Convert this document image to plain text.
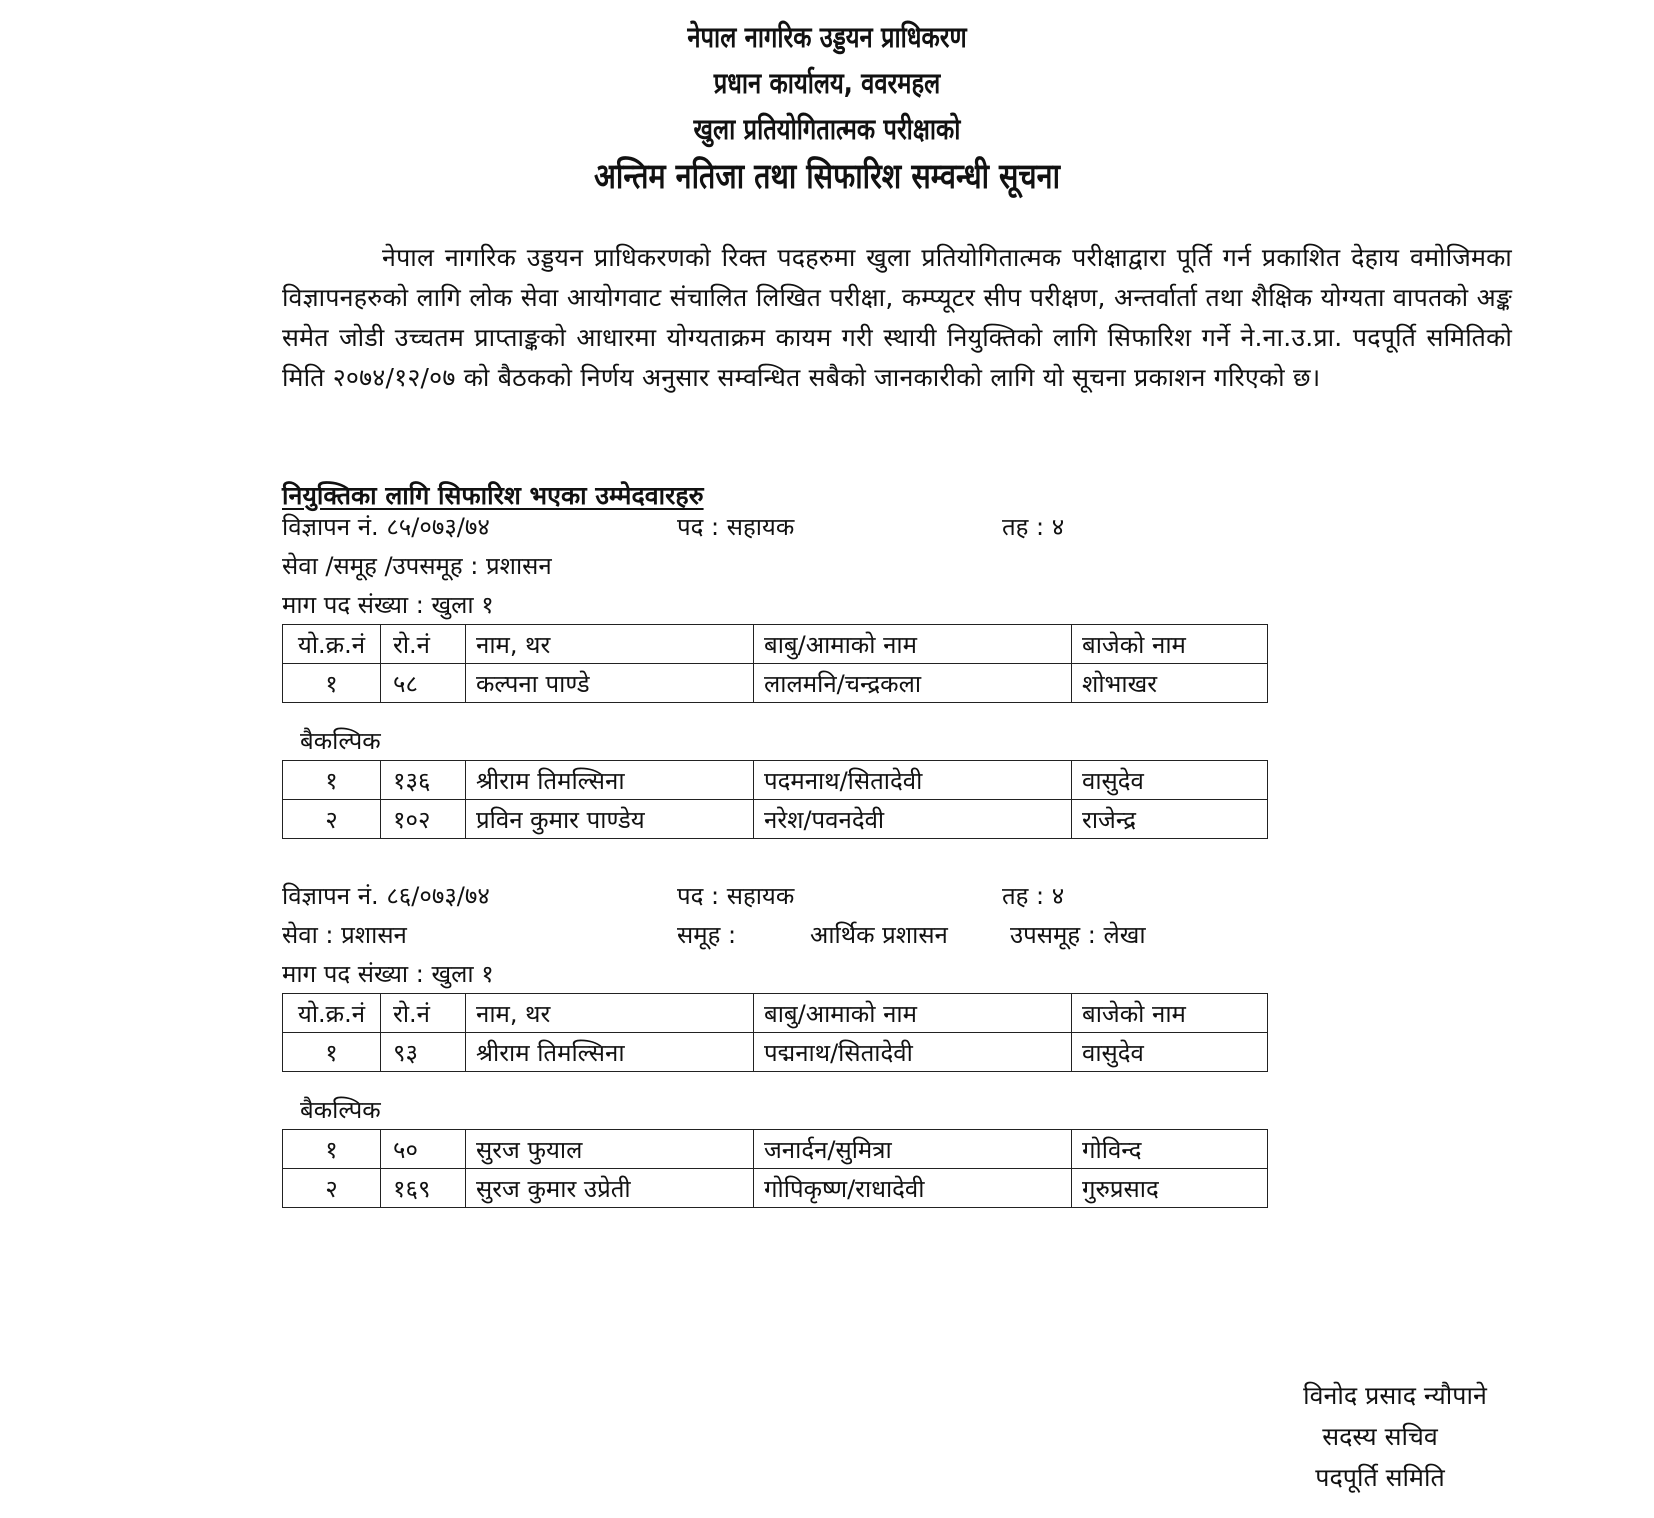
नेपाल नागरिक उड्डयन प्राधिकरण
प्रधान कार्यालय, ववरमहल
खुला प्रतियोगितात्मक परीक्षाको
अन्तिम नतिजा तथा सिफारिश सम्वन्धी सूचना
नेपाल नागरिक उड्डयन प्राधिकरणको रिक्त पदहरुमा खुला प्रतियोगितात्मक परीक्षाद्वारा पूर्ति गर्न प्रकाशित देहाय वमोजिमका विज्ञापनहरुको लागि लोक सेवा आयोगवाट संचालित लिखित परीक्षा, कम्प्यूटर सीप परीक्षण, अन्तर्वार्ता तथा शैक्षिक योग्यता वापतको अङ्क समेत जोडी उच्चतम प्राप्ताङ्कको आधारमा योग्यताक्रम कायम गरी स्थायी नियुक्तिको लागि सिफारिश गर्ने ने.ना.उ.प्रा. पदपूर्ति समितिको मिति २०७४/१२/०७ को बैठकको निर्णय अनुसार सम्वन्धित सबैको जानकारीको लागि यो सूचना प्रकाशन गरिएको छ।
नियुक्तिका लागि सिफारिश भएका उम्मेदवारहरु
विज्ञापन नं. ८५/०७३/७४	पद : सहायक	तह : ४
सेवा /समूह /उपसमूह : प्रशासन
माग पद संख्या : खुला १
यो.क्र.नं	रो.नं	नाम, थर	बाबु/आमाको नाम	बाजेको नाम
१	५८	कल्पना पाण्डे	लालमनि/चन्द्रकला	शोभाखर
बैकल्पिक
१	१३६	श्रीराम तिमल्सिना	पदमनाथ/सितादेवी	वासुदेव
२	१०२	प्रविन कुमार पाण्डेय	नरेश/पवनदेवी	राजेन्द्र
विज्ञापन नं. ८६/०७३/७४	पद : सहायक	तह : ४
सेवा : प्रशासन	समूह :	आर्थिक प्रशासन	उपसमूह : लेखा
माग पद संख्या : खुला १
यो.क्र.नं	रो.नं	नाम, थर	बाबु/आमाको नाम	बाजेको नाम
१	९३	श्रीराम तिमल्सिना	पद्मनाथ/सितादेवी	वासुदेव
बैकल्पिक
१	५०	सुरज फुयाल	जनार्दन/सुमित्रा	गोविन्द
२	१६९	सुरज कुमार उप्रेती	गोपिकृष्ण/राधादेवी	गुरुप्रसाद
विनोद प्रसाद न्यौपाने
सदस्य सचिव
पदपूर्ति समिति
